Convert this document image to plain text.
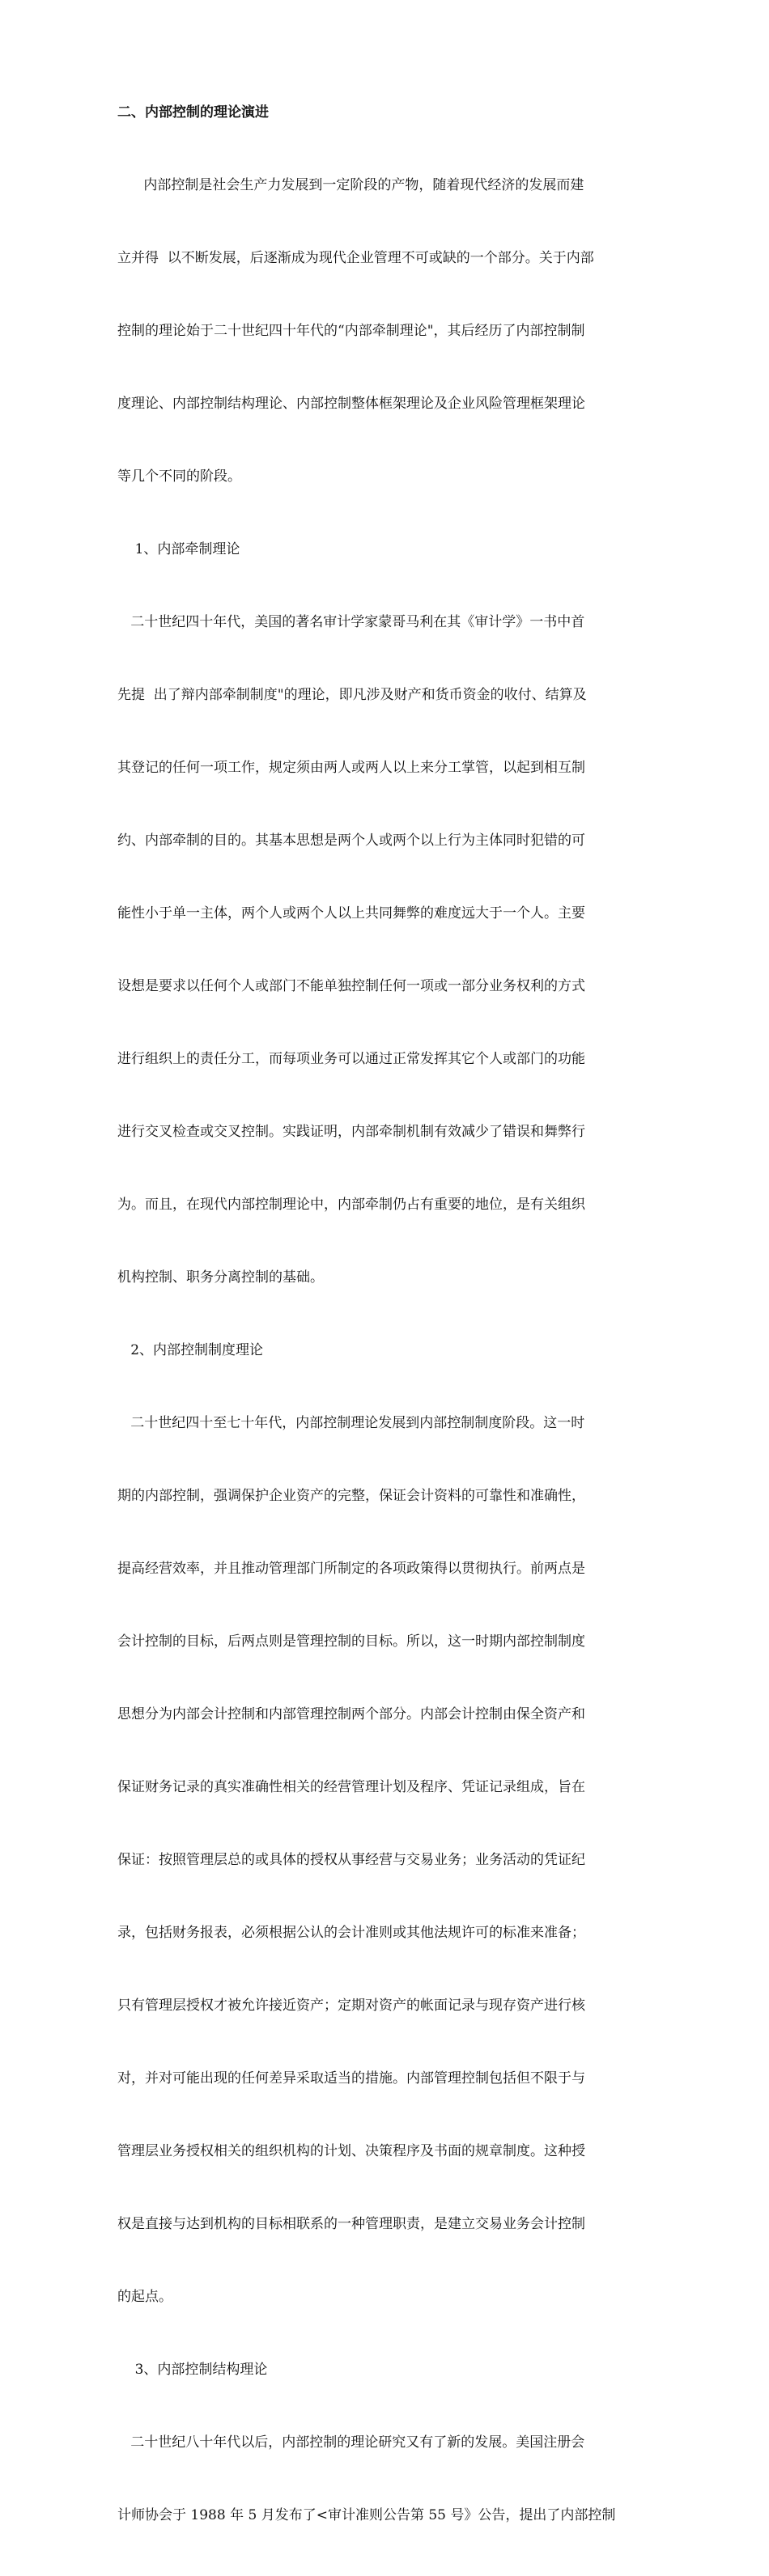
二、内部控制的理论演进

内部控制是社会生产力发展到一定阶段的产物，随着现代经济的发展而建

立并得  以不断发展，后逐渐成为现代企业管理不可或缺的一个部分。关于内部

控制的理论始于二十世纪四十年代的“内部牵制理论"，其后经历了内部控制制

度理论、内部控制结构理论、内部控制整体框架理论及企业风险管理框架理论

等几个不同的阶段。

1、内部牵制理论

二十世纪四十年代，美国的著名审计学家蒙哥马利在其《审计学》一书中首

先提  出了辩内部牵制制度"的理论，即凡涉及财产和货币资金的收付、结算及

其登记的任何一项工作，规定须由两人或两人以上来分工掌管，以起到相互制

约、内部牵制的目的。其基本思想是两个人或两个以上行为主体同时犯错的可

能性小于单一主体，两个人或两个人以上共同舞弊的难度远大于一个人。主要

设想是要求以任何个人或部门不能单独控制任何一项或一部分业务权利的方式

进行组织上的责任分工，而每项业务可以通过正常发挥其它个人或部门的功能

进行交叉检查或交叉控制。实践证明，内部牵制机制有效减少了错误和舞弊行

为。而且，在现代内部控制理论中，内部牵制仍占有重要的地位，是有关组织

机构控制、职务分离控制的基础。

2、内部控制制度理论

二十世纪四十至七十年代，内部控制理论发展到内部控制制度阶段。这一时

期的内部控制，强调保护企业资产的完整，保证会计资料的可靠性和准确性，

提高经营效率，并且推动管理部门所制定的各项政策得以贯彻执行。前两点是

会计控制的目标，后两点则是管理控制的目标。所以，这一时期内部控制制度

思想分为内部会计控制和内部管理控制两个部分。内部会计控制由保全资产和

保证财务记录的真实准确性相关的经营管理计划及程序、凭证记录组成，旨在

保证：按照管理层总的或具体的授权从事经营与交易业务；业务活动的凭证纪

录，包括财务报表，必须根据公认的会计准则或其他法规许可的标准来准备；

只有管理层授权才被允许接近资产；定期对资产的帐面记录与现存资产进行核

对，并对可能出现的任何差异采取适当的措施。内部管理控制包括但不限于与

管理层业务授权相关的组织机构的计划、决策程序及书面的规章制度。这种授

权是直接与达到机构的目标相联系的一种管理职责，是建立交易业务会计控制

的起点。

3、内部控制结构理论

二十世纪八十年代以后，内部控制的理论研究又有了新的发展。美国注册会

计师协会于 1988 年 5 月发布了<审计准则公告第 55 号》公告，提出了内部控制
